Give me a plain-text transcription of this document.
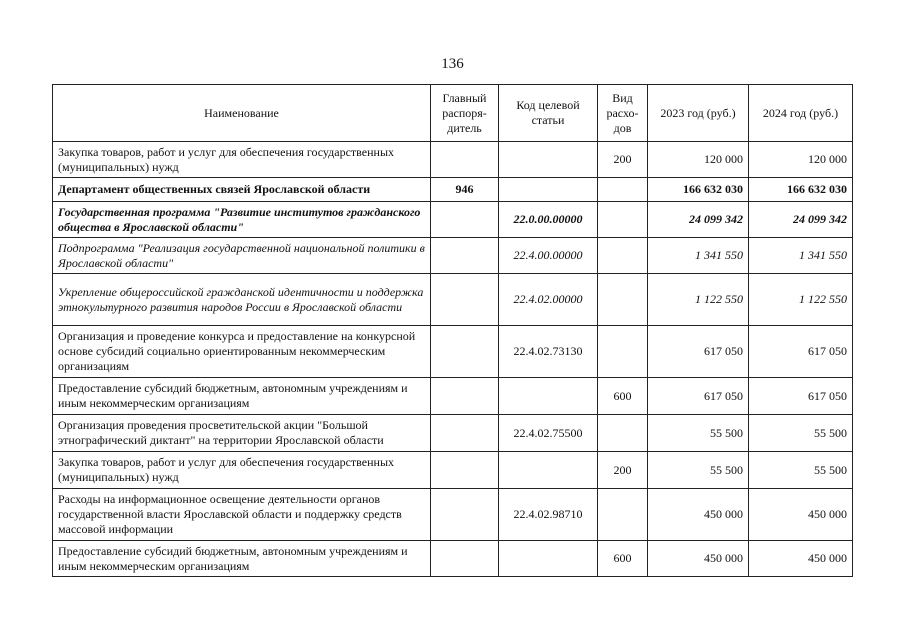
136
Наименование	Главный распоря-дитель	Код целевой статьи	Вид расхо-дов	2023 год (руб.)	2024 год (руб.)
Закупка товаров, работ и услуг для обеспечения государственных (муниципальных) нужд			200	120 000	120 000
Департамент общественных связей Ярославской области	946			166 632 030	166 632 030
Государственная программа "Развитие институтов гражданского общества в Ярославской области"		22.0.00.00000		24 099 342	24 099 342
Подпрограмма "Реализация государственной национальной политики в Ярославской области"		22.4.00.00000		1 341 550	1 341 550
Укрепление общероссийской гражданской идентичности и поддержка этнокультурного развития народов России в Ярославской области		22.4.02.00000		1 122 550	1 122 550
Организация и проведение конкурса и предоставление на конкурсной основе субсидий социально ориентированным некоммерческим организациям		22.4.02.73130		617 050	617 050
Предоставление субсидий бюджетным, автономным учреждениям и иным некоммерческим организациям			600	617 050	617 050
Организация проведения просветительской акции "Большой этнографический диктант" на территории Ярославской области		22.4.02.75500		55 500	55 500
Закупка товаров, работ и услуг для обеспечения государственных (муниципальных) нужд			200	55 500	55 500
Расходы на информационное освещение деятельности органов государственной власти Ярославской области и поддержку средств массовой информации		22.4.02.98710		450 000	450 000
Предоставление субсидий бюджетным, автономным учреждениям и иным некоммерческим организациям			600	450 000	450 000
